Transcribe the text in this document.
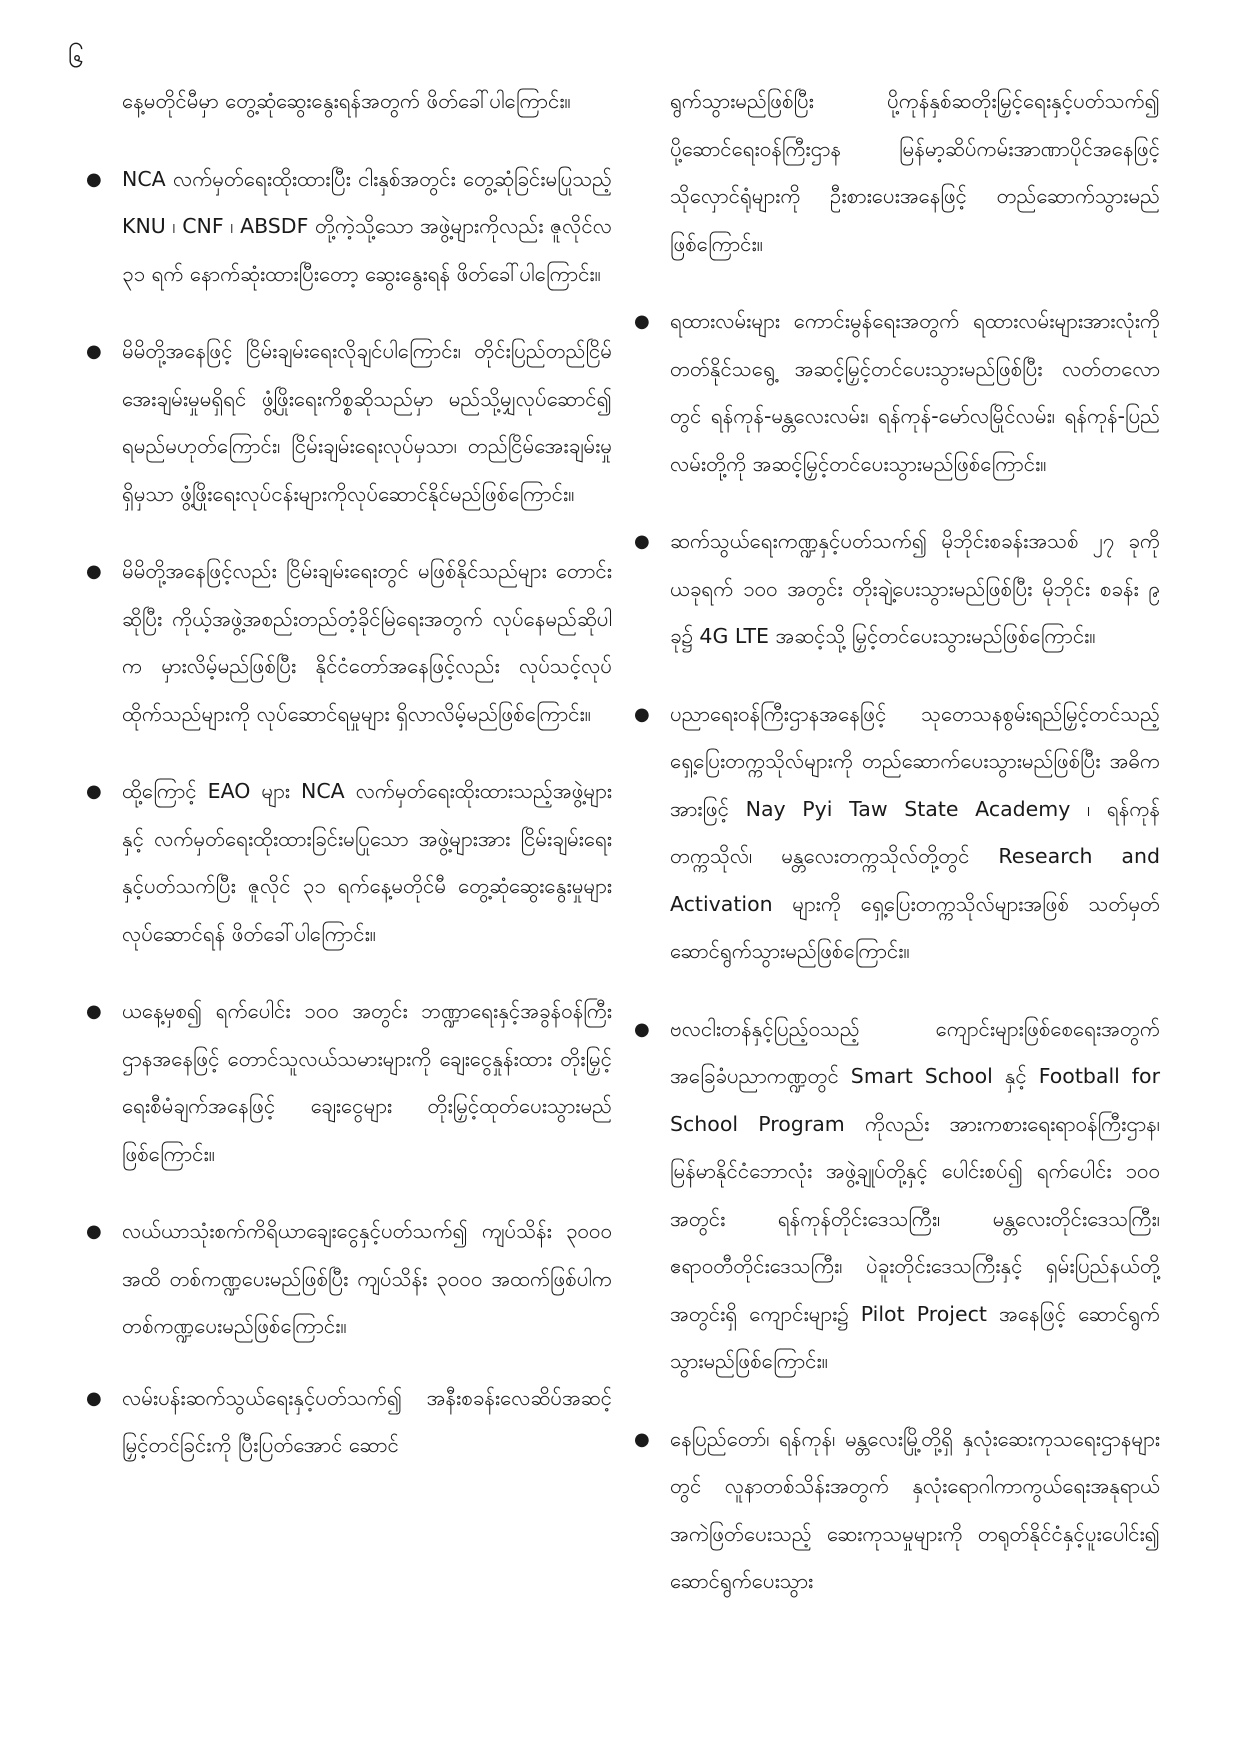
၆

နေ့မတိုင်မီမှာ တွေ့ဆုံဆွေးနွေးရန်အတွက် ဖိတ်ခေါ်ပါကြောင်း။

● NCA လက်မှတ်ရေးထိုးထားပြီး ငါးနှစ်အတွင်း တွေ့ဆုံခြင်းမပြုသည့် KNU ၊ CNF ၊ ABSDF တို့ကဲ့သို့သော အဖွဲ့များကိုလည်း ဇူလိုင်လ ၃၁ ရက် နောက်ဆုံးထားပြီးတော့ ဆွေးနွေးရန် ဖိတ်ခေါ်ပါကြောင်း။
● မိမိတို့အနေဖြင့် ငြိမ်းချမ်းရေးလိုချင်ပါကြောင်း၊ တိုင်းပြည်တည်ငြိမ်အေးချမ်းမှုမရှိရင် ဖွံ့ဖြိုးရေးကိစ္စဆိုသည်မှာ မည်သို့မျှလုပ်ဆောင်၍ ရမည်မဟုတ်ကြောင်း၊ ငြိမ်းချမ်းရေးလုပ်မှသာ၊ တည်ငြိမ်အေးချမ်းမှုရှိမှသာ ဖွံ့ဖြိုးရေးလုပ်ငန်းများကိုလုပ်ဆောင်နိုင်မည်ဖြစ်ကြောင်း။
● မိမိတို့အနေဖြင့်လည်း ငြိမ်းချမ်းရေးတွင် မဖြစ်နိုင်သည်များ တောင်းဆိုပြီး ကိုယ့်အဖွဲ့အစည်းတည်တံ့ခိုင်မြဲရေးအတွက် လုပ်နေမည်ဆိုပါက မှားလိမ့်မည်ဖြစ်ပြီး နိုင်ငံတော်အနေဖြင့်လည်း လုပ်သင့်လုပ်ထိုက်သည်များကို လုပ်ဆောင်ရမှုများ ရှိလာလိမ့်မည်ဖြစ်ကြောင်း။
● ထို့ကြောင့် EAO များ NCA လက်မှတ်ရေးထိုးထားသည့်အဖွဲ့များနှင့် လက်မှတ်ရေးထိုးထားခြင်းမပြုသော အဖွဲ့များအား ငြိမ်းချမ်းရေးနှင့်ပတ်သက်ပြီး ဇူလိုင် ၃၁ ရက်နေ့မတိုင်မီ တွေ့ဆုံဆွေးနွေးမှုများ လုပ်ဆောင်ရန် ဖိတ်ခေါ်ပါကြောင်း။
● ယနေ့မှစ၍ ရက်ပေါင်း ၁၀၀ အတွင်း ဘဏ္ဍာရေးနှင့်အခွန်ဝန်ကြီးဌာနအနေဖြင့် တောင်သူလယ်သမားများကို ချေးငွေနှုန်းထား တိုးမြှင့်ရေးစီမံချက်အနေဖြင့် ချေးငွေများ တိုးမြှင့်ထုတ်ပေးသွားမည်ဖြစ်ကြောင်း။
● လယ်ယာသုံးစက်ကိရိယာချေးငွေနှင့်ပတ်သက်၍ ကျပ်သိန်း ၃၀၀၀ အထိ တစ်ကဏ္ဍပေးမည်ဖြစ်ပြီး ကျပ်သိန်း ၃၀၀၀ အထက်ဖြစ်ပါက တစ်ကဏ္ဍပေးမည်ဖြစ်ကြောင်း။
● လမ်းပန်းဆက်သွယ်ရေးနှင့်ပတ်သက်၍ အနီးစခန်းလေဆိပ်အဆင့်မြှင့်တင်ခြင်းကို ပြီးပြတ်အောင် ဆောင်

ရွက်သွားမည်ဖြစ်ပြီး ပို့ကုန်နှစ်ဆတိုးမြှင့်ရေးနှင့်ပတ်သက်၍ ပို့ဆောင်ရေးဝန်ကြီးဌာန မြန်မာ့ဆိပ်ကမ်းအာဏာပိုင်အနေဖြင့် သိုလှောင်ရုံများကို ဦးစားပေးအနေဖြင့် တည်ဆောက်သွားမည်ဖြစ်ကြောင်း။

● ရထားလမ်းများ ကောင်းမွန်ရေးအတွက် ရထားလမ်းများအားလုံးကို တတ်နိုင်သရွေ့ အဆင့်မြှင့်တင်ပေးသွားမည်ဖြစ်ပြီး လတ်တလောတွင် ရန်ကုန်-မန္တလေးလမ်း၊ ရန်ကုန်-မော်လမြိုင်လမ်း၊ ရန်ကုန်-ပြည်လမ်းတို့ကို အဆင့်မြှင့်တင်ပေးသွားမည်ဖြစ်ကြောင်း။
● ဆက်သွယ်ရေးကဏ္ဍနှင့်ပတ်သက်၍ မိုဘိုင်းစခန်းအသစ် ၂၇ ခုကို ယခုရက် ၁၀၀ အတွင်း တိုးချဲ့ပေးသွားမည်ဖြစ်ပြီး မိုဘိုင်း စခန်း ၉ ခု၌ 4G LTE အဆင့်သို့ မြှင့်တင်ပေးသွားမည်ဖြစ်ကြောင်း။
● ပညာရေးဝန်ကြီးဌာနအနေဖြင့် သုတေသနစွမ်းရည်မြှင့်တင်သည့် ရှေ့ပြေးတက္ကသိုလ်များကို တည်ဆောက်ပေးသွားမည်ဖြစ်ပြီး အဓိကအားဖြင့် Nay Pyi Taw State Academy ၊ ရန်ကုန်တက္ကသိုလ်၊ မန္တလေးတက္ကသိုလ်တို့တွင် Research and Activation များကို ရှေ့ပြေးတက္ကသိုလ်များအဖြစ် သတ်မှတ်ဆောင်ရွက်သွားမည်ဖြစ်ကြောင်း။
● ဗလငါးတန်နှင့်ပြည့်ဝသည့် ကျောင်းများဖြစ်စေရေးအတွက် အခြေခံပညာကဏ္ဍတွင် Smart School နှင့် Football for School Program ကိုလည်း အားကစားရေးရာဝန်ကြီးဌာန၊ မြန်မာနိုင်ငံဘောလုံး အဖွဲ့ချုပ်တို့နှင့် ပေါင်းစပ်၍ ရက်ပေါင်း ၁၀၀ အတွင်း ရန်ကုန်တိုင်းဒေသကြီး၊ မန္တလေးတိုင်းဒေသကြီး၊ ဧရာဝတီတိုင်းဒေသကြီး၊ ပဲခူးတိုင်းဒေသကြီးနှင့် ရှမ်းပြည်နယ်တို့အတွင်းရှိ ကျောင်းများ၌ Pilot Project အနေဖြင့် ဆောင်ရွက်သွားမည်ဖြစ်ကြောင်း။
● နေပြည်တော်၊ ရန်ကုန်၊ မန္တလေးမြို့တို့ရှိ နှလုံးဆေးကုသရေးဌာနများတွင် လူနာတစ်သိန်းအတွက် နှလုံးရောဂါကာကွယ်ရေးအနုရာယ်အကဲဖြတ်ပေးသည့် ဆေးကုသမှုများကို တရုတ်နိုင်ငံနှင့်ပူးပေါင်း၍ ဆောင်ရွက်ပေးသွား
